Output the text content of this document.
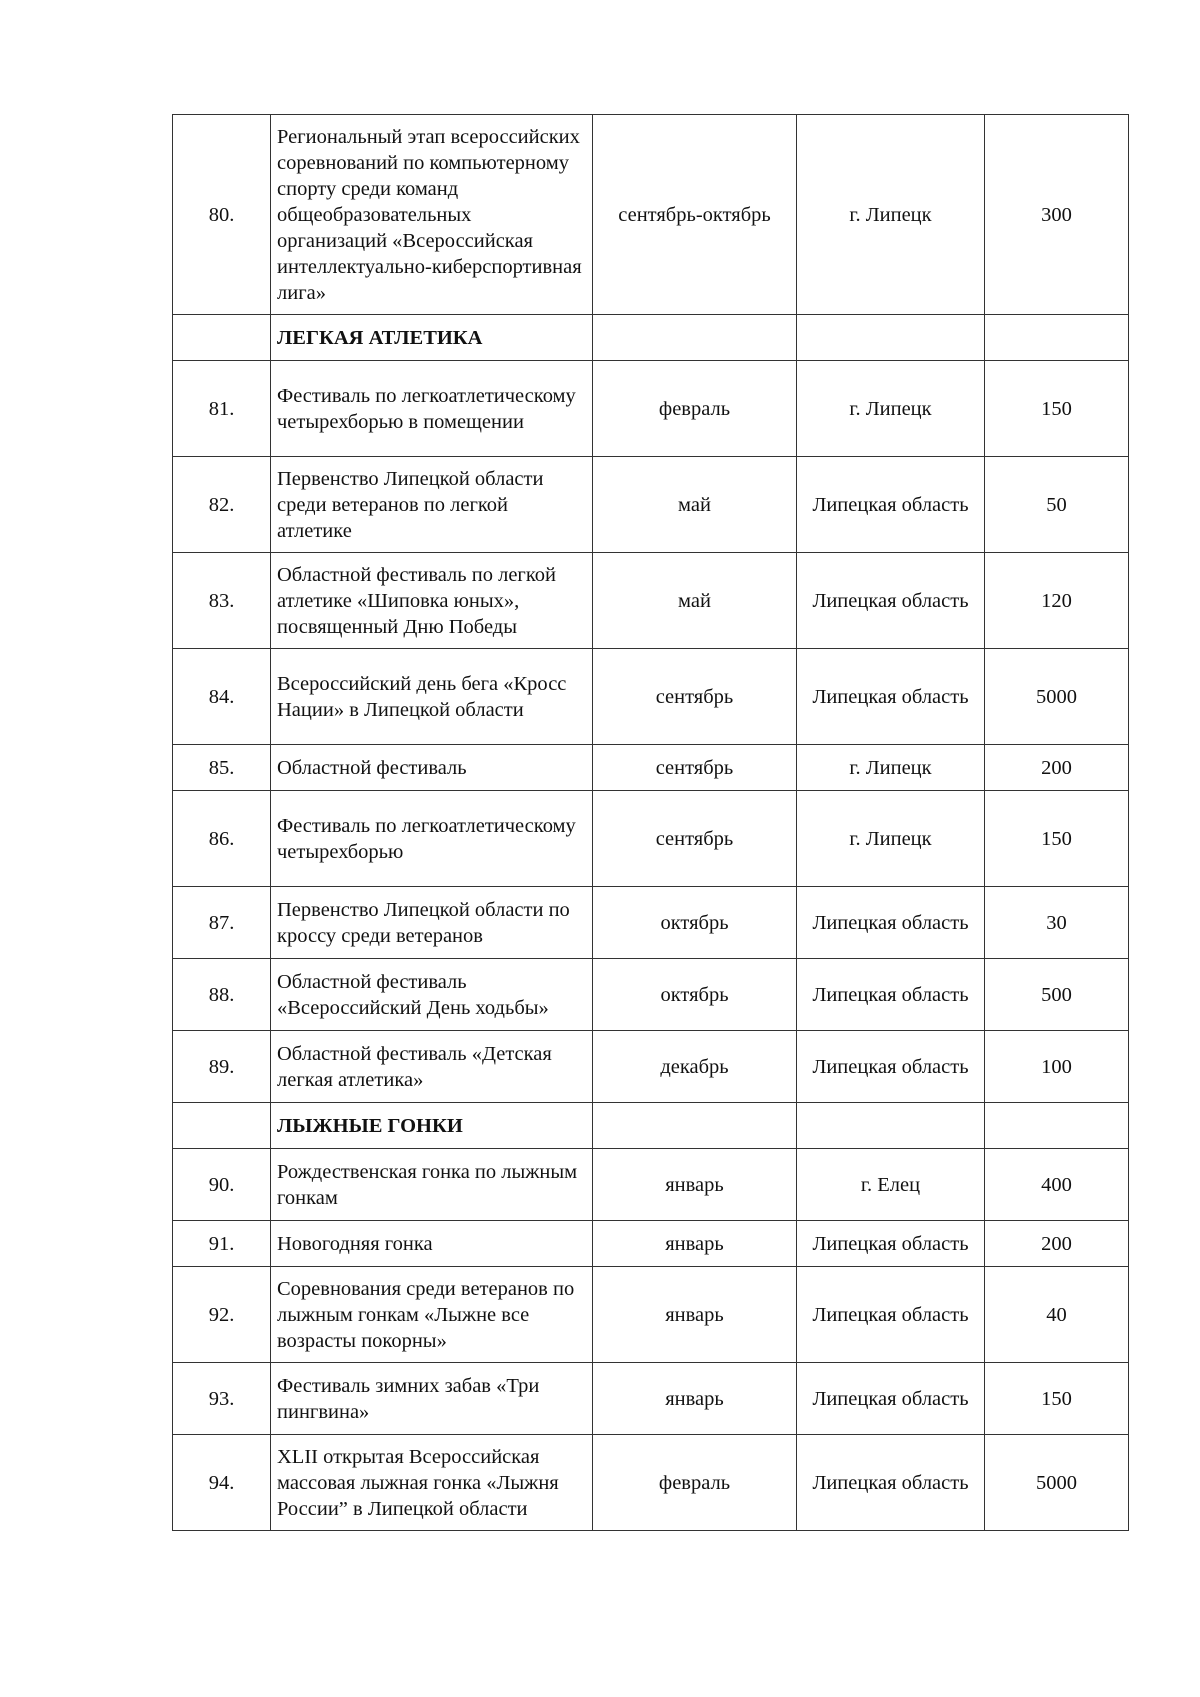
80.	Региональный этап всероссийских соревнований по компьютерному спорту среди команд общеобразовательных организаций «Всероссийская интеллектуально-киберспортивная лига»	сентябрь-октябрь	г. Липецк	300
	ЛЕГКАЯ АТЛЕТИКА			
81.	Фестиваль по легкоатлетическому четырехборью в помещении	февраль	г. Липецк	150
82.	Первенство Липецкой области среди ветеранов по легкой атлетике	май	Липецкая область	50
83.	Областной фестиваль по легкой атлетике «Шиповка юных», посвященный Дню Победы	май	Липецкая область	120
84.	Всероссийский день бега «Кросс Нации» в Липецкой области	сентябрь	Липецкая область	5000
85.	Областной фестиваль	сентябрь	г. Липецк	200
86.	Фестиваль по легкоатлетическому четырехборью	сентябрь	г. Липецк	150
87.	Первенство Липецкой области по кроссу среди ветеранов	октябрь	Липецкая область	30
88.	Областной фестиваль «Всероссийский День ходьбы»	октябрь	Липецкая область	500
89.	Областной фестиваль «Детская легкая атлетика»	декабрь	Липецкая область	100
	ЛЫЖНЫЕ ГОНКИ			
90.	Рождественская гонка по лыжным гонкам	январь	г. Елец	400
91.	Новогодняя гонка	январь	Липецкая область	200
92.	Соревнования среди ветеранов по лыжным гонкам «Лыжне все возрасты покорны»	январь	Липецкая область	40
93.	Фестиваль зимних забав «Три пингвина»	январь	Липецкая область	150
94.	XLII открытая Всероссийская массовая лыжная гонка «Лыжня России” в Липецкой области	февраль	Липецкая область	5000
